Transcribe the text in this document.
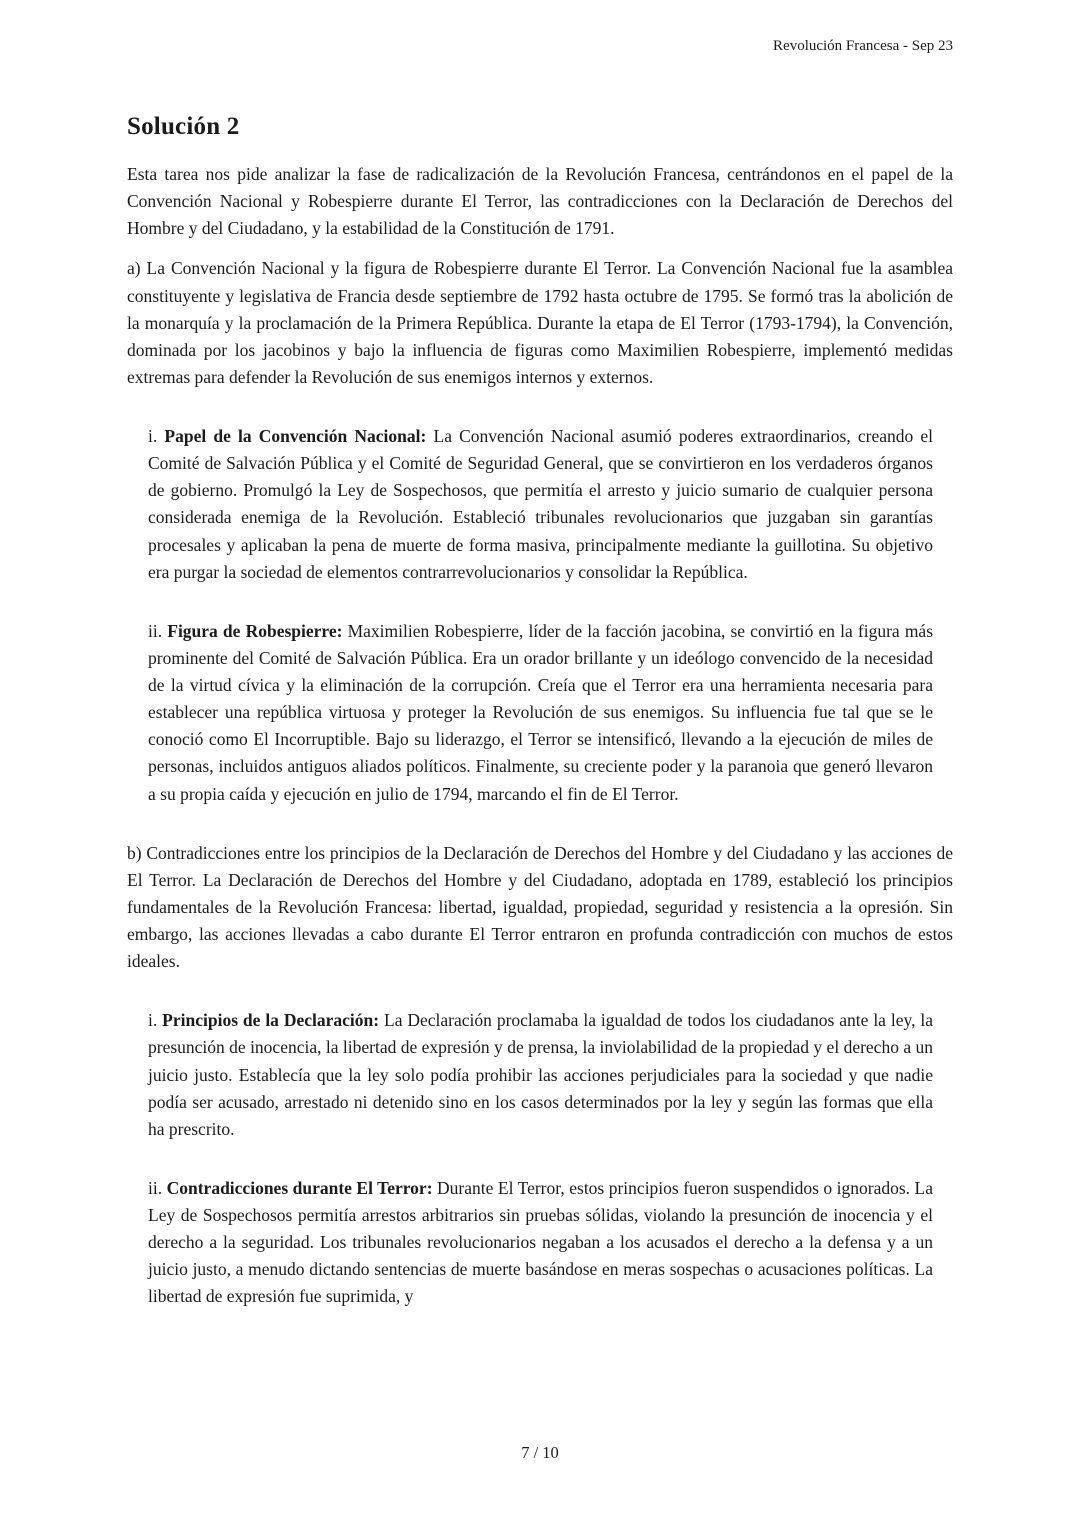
Revolución Francesa - Sep 23
Solución 2

Esta tarea nos pide analizar la fase de radicalización de la Revolución Francesa, centrándonos en el papel de la Convención Nacional y Robespierre durante El Terror, las contradicciones con la Declaración de Derechos del Hombre y del Ciudadano, y la estabilidad de la Constitución de 1791.

a) La Convención Nacional y la figura de Robespierre durante El Terror. La Convención Nacional fue la asamblea constituyente y legislativa de Francia desde septiembre de 1792 hasta octubre de 1795. Se formó tras la abolición de la monarquía y la proclamación de la Primera República. Durante la etapa de El Terror (1793-1794), la Convención, dominada por los jacobinos y bajo la influencia de figuras como Maximilien Robespierre, implementó medidas extremas para defender la Revolución de sus enemigos internos y externos.

i. Papel de la Convención Nacional: La Convención Nacional asumió poderes extraordinarios, creando el Comité de Salvación Pública y el Comité de Seguridad General, que se convirtieron en los verdaderos órganos de gobierno. Promulgó la Ley de Sospechosos, que permitía el arresto y juicio sumario de cualquier persona considerada enemiga de la Revolución. Estableció tribunales revolucionarios que juzgaban sin garantías procesales y aplicaban la pena de muerte de forma masiva, principalmente mediante la guillotina. Su objetivo era purgar la sociedad de elementos contrarrevolucionarios y consolidar la República.
ii. Figura de Robespierre: Maximilien Robespierre, líder de la facción jacobina, se convirtió en la figura más prominente del Comité de Salvación Pública. Era un orador brillante y un ideólogo convencido de la necesidad de la virtud cívica y la eliminación de la corrupción. Creía que el Terror era una herramienta necesaria para establecer una república virtuosa y proteger la Revolución de sus enemigos. Su influencia fue tal que se le conoció como El Incorruptible. Bajo su liderazgo, el Terror se intensificó, llevando a la ejecución de miles de personas, incluidos antiguos aliados políticos. Finalmente, su creciente poder y la paranoia que generó llevaron a su propia caída y ejecución en julio de 1794, marcando el fin de El Terror.

b) Contradicciones entre los principios de la Declaración de Derechos del Hombre y del Ciudadano y las acciones de El Terror. La Declaración de Derechos del Hombre y del Ciudadano, adoptada en 1789, estableció los principios fundamentales de la Revolución Francesa: libertad, igualdad, propiedad, seguridad y resistencia a la opresión. Sin embargo, las acciones llevadas a cabo durante El Terror entraron en profunda contradicción con muchos de estos ideales.

i. Principios de la Declaración: La Declaración proclamaba la igualdad de todos los ciudadanos ante la ley, la presunción de inocencia, la libertad de expresión y de prensa, la inviolabilidad de la propiedad y el derecho a un juicio justo. Establecía que la ley solo podía prohibir las acciones perjudiciales para la sociedad y que nadie podía ser acusado, arrestado ni detenido sino en los casos determinados por la ley y según las formas que ella ha prescrito.
ii. Contradicciones durante El Terror: Durante El Terror, estos principios fueron suspendidos o ignorados. La Ley de Sospechosos permitía arrestos arbitrarios sin pruebas sólidas, violando la presunción de inocencia y el derecho a la seguridad. Los tribunales revolucionarios negaban a los acusados el derecho a la defensa y a un juicio justo, a menudo dictando sentencias de muerte basándose en meras sospechas o acusaciones políticas. La libertad de expresión fue suprimida, y
7 / 10
